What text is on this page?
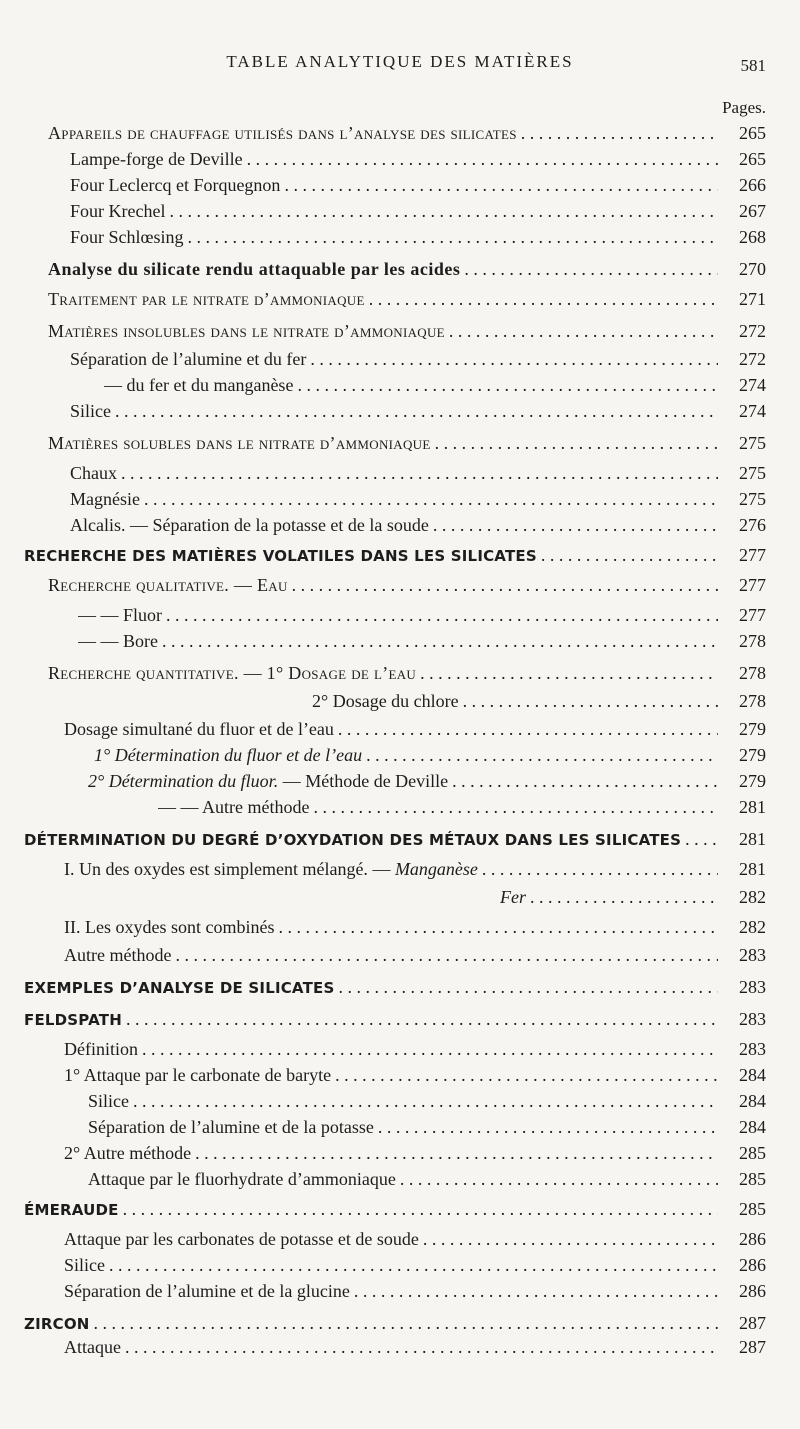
TABLE ANALYTIQUE DES MATIÈRES	581
Pages.
Appareils de chauffage utilisés dans l’analyse des silicates . . .	265
Lampe-forge de Deville . . .	265
Four Leclercq et Forquegnon . . .	266
Four Krechel . . .	267
Four Schlœsing . . .	268
Analyse du silicate rendu attaquable par les acides . . .	270
Traitement par le nitrate d’ammoniaque . . .	271
Matières insolubles dans le nitrate d’ammoniaque . . .	272
Séparation de l’alumine et du fer . . .	272
— du fer et du manganèse . . .	274
Silice . . .	274
Matières solubles dans le nitrate d’ammoniaque . . .	275
Chaux . . .	275
Magnésie . . .	275
Alcalis. — Séparation de la potasse et de la soude . . .	276
RECHERCHE DES MATIÈRES VOLATILES DANS LES SILICATES . . .	277
Recherche qualitative. — Eau . . .	277
— — Fluor . . .	277
— — Bore . . .	278
Recherche quantitative. — 1° Dosage de l’eau . . .	278
2° Dosage du chlore . . .	278
Dosage simultané du fluor et de l’eau . . .	279
1° Détermination du fluor et de l’eau . . .	279
2° Détermination du fluor. — Méthode de Deville . . .	279
— — Autre méthode . . .	281
DÉTERMINATION DU DEGRÉ D’OXYDATION DES MÉTAUX DANS LES SILICATES . . .	281
I. Un des oxydes est simplement mélangé. — Manganèse . . .	281
Fer . . .	282
II. Les oxydes sont combinés . . .	282
Autre méthode . . .	283
EXEMPLES D’ANALYSE DE SILICATES . . .	283
FELDSPATH . . .	283
Définition . . .	283
1° Attaque par le carbonate de baryte . . .	284
Silice . . .	284
Séparation de l’alumine et de la potasse . . .	284
2° Autre méthode . . .	285
Attaque par le fluorhydrate d’ammoniaque . . .	285
ÉMERAUDE . . .	285
Attaque par les carbonates de potasse et de soude . . .	286
Silice . . .	286
Séparation de l’alumine et de la glucine . . .	286
ZIRCON . . .	287
Attaque . . .	287
